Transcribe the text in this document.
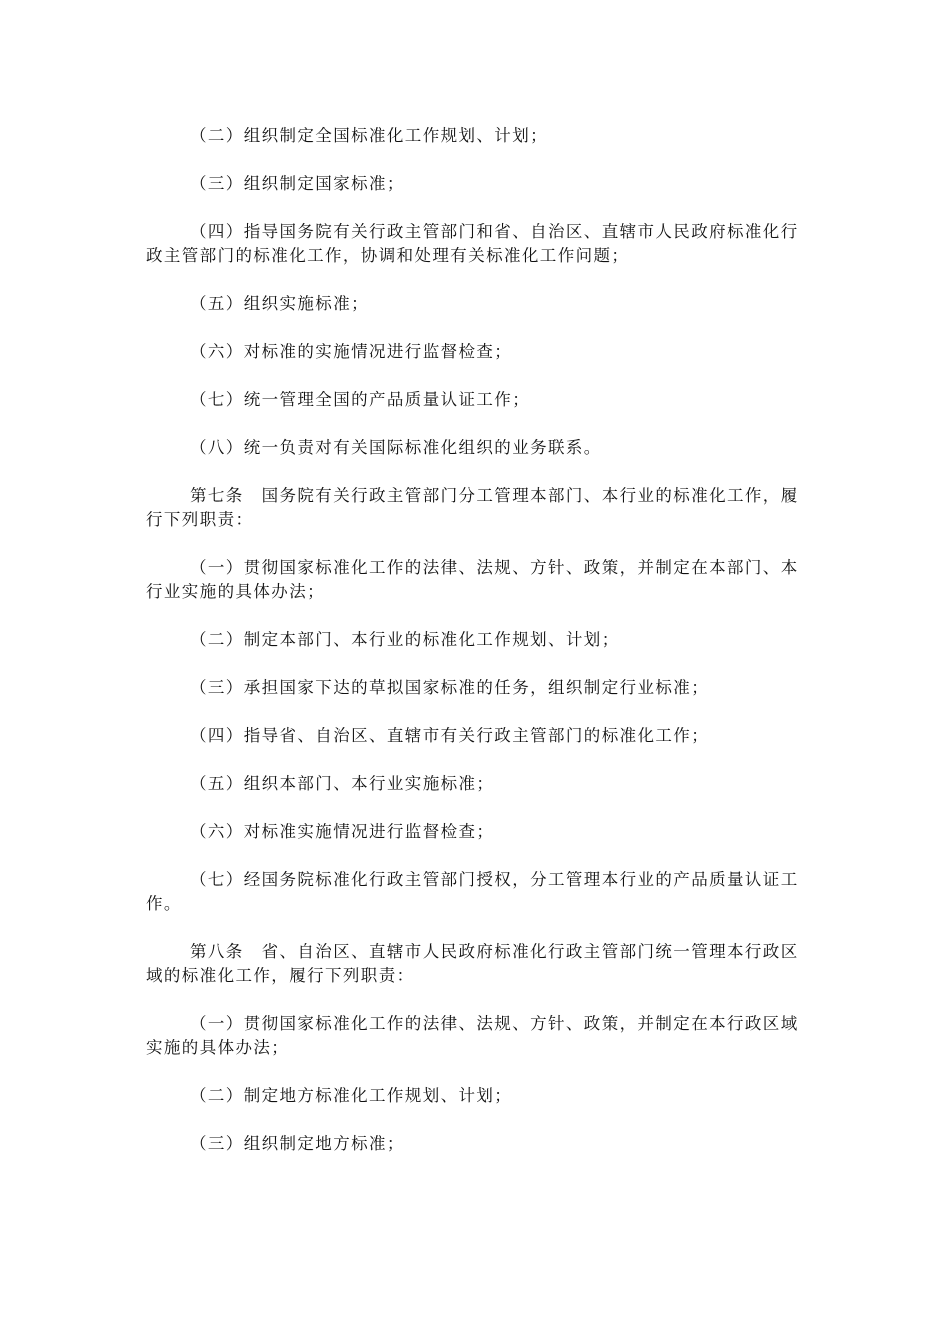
（二）组织制定全国标准化工作规划、计划；

（三）组织制定国家标准；

（四）指导国务院有关行政主管部门和省、自治区、直辖市人民政府标准化行政主管部门的标准化工作，协调和处理有关标准化工作问题；

（五）组织实施标准；

（六）对标准的实施情况进行监督检查；

（七）统一管理全国的产品质量认证工作；

（八）统一负责对有关国际标准化组织的业务联系。

第七条　国务院有关行政主管部门分工管理本部门、本行业的标准化工作，履行下列职责：

（一）贯彻国家标准化工作的法律、法规、方针、政策，并制定在本部门、本行业实施的具体办法；

（二）制定本部门、本行业的标准化工作规划、计划；

（三）承担国家下达的草拟国家标准的任务，组织制定行业标准；

（四）指导省、自治区、直辖市有关行政主管部门的标准化工作；

（五）组织本部门、本行业实施标准；

（六）对标准实施情况进行监督检查；

（七）经国务院标准化行政主管部门授权，分工管理本行业的产品质量认证工作。

第八条　省、自治区、直辖市人民政府标准化行政主管部门统一管理本行政区域的标准化工作，履行下列职责：

（一）贯彻国家标准化工作的法律、法规、方针、政策，并制定在本行政区域实施的具体办法；

（二）制定地方标准化工作规划、计划；

（三）组织制定地方标准；
